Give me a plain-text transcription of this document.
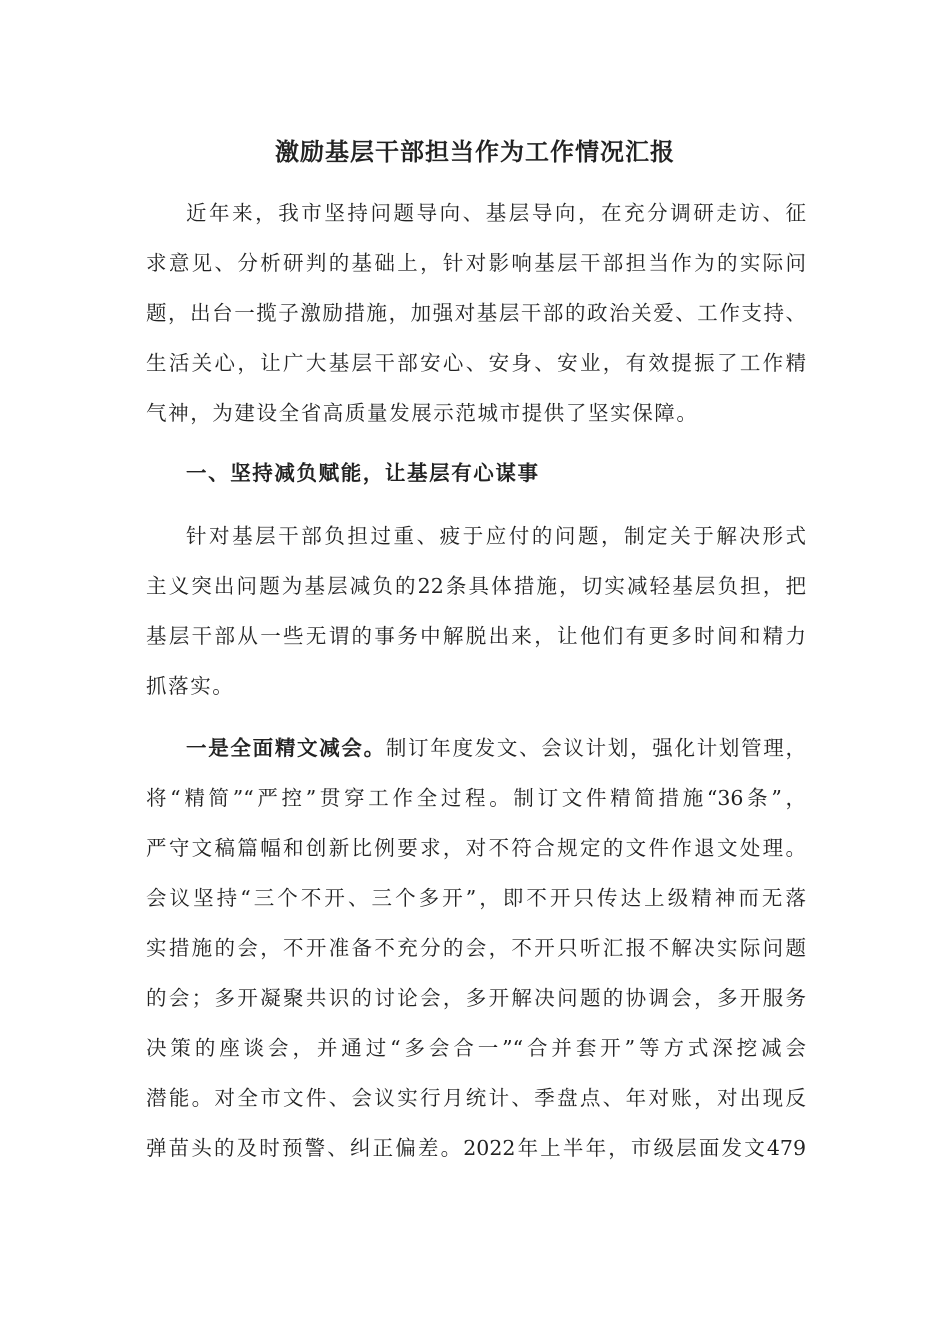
激励基层干部担当作为工作情况汇报

近年来，我市坚持问题导向、基层导向，在充分调研走访、征

求意见、分析研判的基础上，针对影响基层干部担当作为的实际问

题，出台一揽子激励措施，加强对基层干部的政治关爱、工作支持、

生活关心，让广大基层干部安心、安身、安业，有效提振了工作精

气神，为建设全省高质量发展示范城市提供了坚实保障。

一、坚持减负赋能，让基层有心谋事

针对基层干部负担过重、疲于应付的问题，制定关于解决形式

主义突出问题为基层减负的22条具体措施，切实减轻基层负担，把

基层干部从一些无谓的事务中解脱出来，让他们有更多时间和精力

抓落实。

一是全面精文减会。制订年度发文、会议计划，强化计划管理，

将“精简”“严控”贯穿工作全过程。制订文件精简措施“36条”，

严守文稿篇幅和创新比例要求，对不符合规定的文件作退文处理。

会议坚持“三个不开、三个多开”，即不开只传达上级精神而无落

实措施的会，不开准备不充分的会，不开只听汇报不解决实际问题

的会；多开凝聚共识的讨论会，多开解决问题的协调会，多开服务

决策的座谈会，并通过“多会合一”“合并套开”等方式深挖减会

潜能。对全市文件、会议实行月统计、季盘点、年对账，对出现反

弹苗头的及时预警、纠正偏差。2022年上半年，市级层面发文479
